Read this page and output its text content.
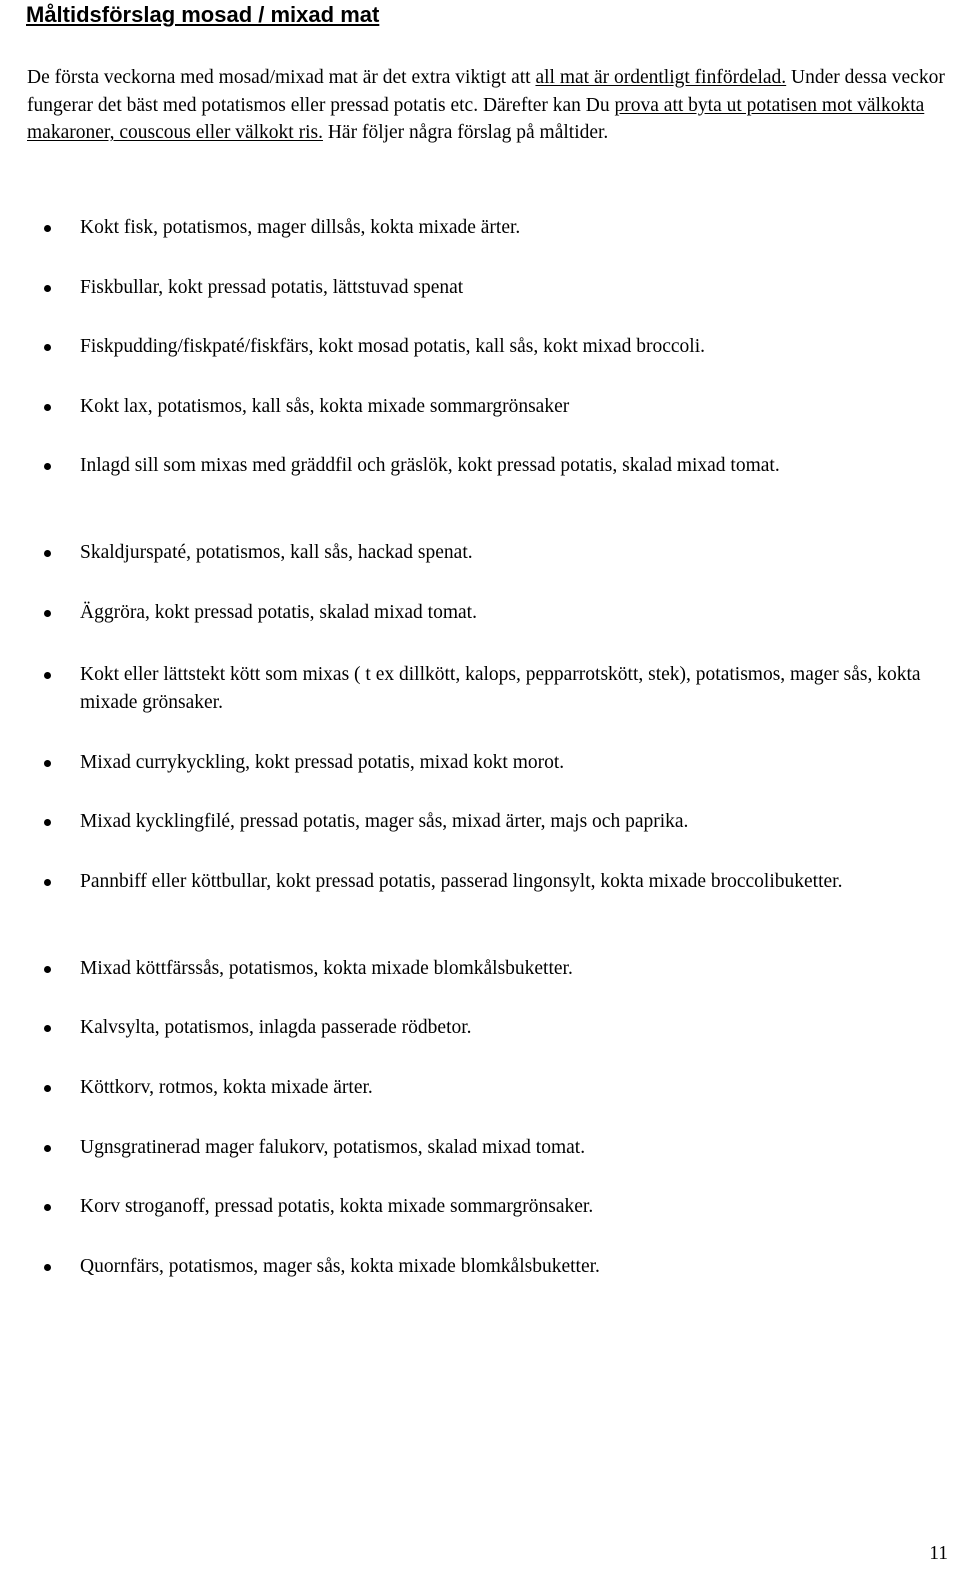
Måltidsförslag mosad / mixad mat

De första veckorna med mosad/mixad mat är det extra viktigt att all mat är ordentligt finfördelad. Under dessa veckor fungerar det bäst med potatismos eller pressad potatis etc. Därefter kan Du prova att byta ut potatisen mot välkokta makaroner, couscous eller välkokt ris. Här följer några förslag på måltider.

Kokt fisk, potatismos, mager dillsås, kokta mixade ärter.
Fiskbullar, kokt pressad potatis, lättstuvad spenat
Fiskpudding/fiskpaté/fiskfärs, kokt mosad potatis, kall sås, kokt mixad broccoli.
Kokt lax, potatismos, kall sås, kokta mixade sommargrönsaker
Inlagd sill som mixas med gräddfil och gräslök, kokt pressad potatis, skalad mixad tomat.
Skaldjurspaté, potatismos, kall sås, hackad spenat.
Äggröra, kokt pressad potatis, skalad mixad tomat.
Kokt eller lättstekt kött som mixas ( t ex dillkött, kalops, pepparrotskött, stek), potatismos, mager sås, kokta mixade grönsaker.
Mixad currykyckling, kokt pressad potatis, mixad kokt morot.
Mixad kycklingfilé, pressad potatis, mager sås, mixad ärter, majs och paprika.
Pannbiff eller köttbullar, kokt pressad potatis, passerad lingonsylt, kokta mixade broccolibuketter.
Mixad köttfärssås, potatismos, kokta mixade blomkålsbuketter.
Kalvsylta, potatismos, inlagda passerade rödbetor.
Köttkorv, rotmos, kokta mixade ärter.
Ugnsgratinerad mager falukorv, potatismos, skalad mixad tomat.
Korv stroganoff, pressad potatis, kokta mixade sommargrönsaker.
Quornfärs, potatismos, mager sås, kokta mixade blomkålsbuketter.
11
